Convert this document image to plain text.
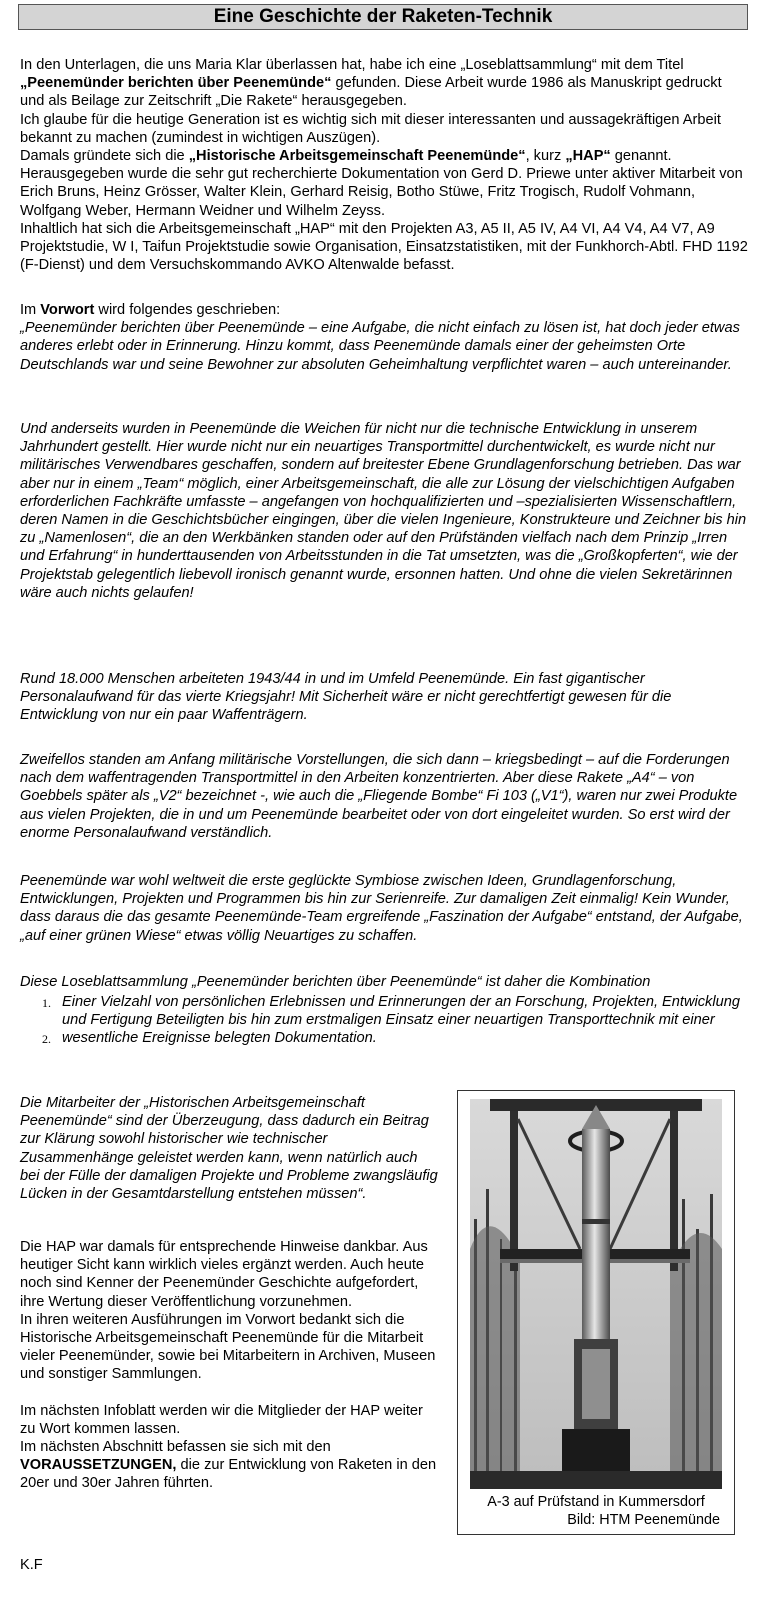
Eine Geschichte der Raketen-Technik

In den Unterlagen, die uns Maria Klar überlassen hat, habe ich eine „Loseblattsammlung“ mit dem Titel „Peenemünder berichten über Peenemünde“ gefunden. Diese Arbeit wurde 1986 als Manuskript gedruckt und als Beilage zur Zeitschrift „Die Rakete“ herausgegeben.

Ich glaube für die heutige Generation ist es wichtig sich mit dieser interessanten und aussagekräftigen Arbeit bekannt zu machen (zumindest in wichtigen Auszügen).

Damals gründete sich die „Historische Arbeitsgemeinschaft Peenemünde“, kurz „HAP“ genannt.

Herausgegeben wurde die sehr gut recherchierte Dokumentation von Gerd D. Priewe unter aktiver Mitarbeit von Erich Bruns, Heinz Grösser, Walter Klein, Gerhard Reisig, Botho Stüwe, Fritz Trogisch, Rudolf Vohmann, Wolfgang Weber, Hermann Weidner und Wilhelm Zeyss.

Inhaltlich hat sich die Arbeitsgemeinschaft „HAP“ mit den Projekten A3, A5 II, A5 IV, A4 VI, A4 V4, A4 V7, A9 Projektstudie, W I, Taifun Projektstudie sowie Organisation, Einsatzstatistiken, mit der Funkhorch-Abtl. FHD 1192 (F-Dienst) und dem Versuchskommando AVKO Altenwalde befasst.

Im Vorwort wird folgendes geschrieben:

„Peenemünder berichten über Peenemünde – eine Aufgabe, die nicht einfach zu lösen ist, hat doch jeder etwas anderes erlebt oder in Erinnerung. Hinzu kommt, dass Peenemünde damals einer der geheimsten Orte Deutschlands war und seine Bewohner zur absoluten Geheimhaltung verpflichtet waren – auch untereinander.

Und anderseits wurden in Peenemünde die Weichen für nicht nur die technische Entwicklung in unserem Jahrhundert gestellt. Hier wurde nicht nur ein neuartiges Transportmittel durchentwickelt, es wurde nicht nur militärisches Verwendbares geschaffen, sondern auf breitester Ebene Grundlagenforschung betrieben. Das war aber nur in einem „Team“ möglich, einer Arbeitsgemeinschaft, die alle zur Lösung der vielschichtigen Aufgaben erforderlichen Fachkräfte umfasste – angefangen von hochqualifizierten und –spezialisierten Wissenschaftlern, deren Namen in die Geschichtsbücher eingingen, über die vielen Ingenieure, Konstrukteure und Zeichner bis hin zu „Namenlosen“, die an den Werkbänken standen oder auf den Prüfständen vielfach nach dem Prinzip „Irren und Erfahrung“ in hunderttausenden von Arbeitsstunden in die Tat umsetzten, was die „Großkopferten“, wie der Projektstab gelegentlich liebevoll ironisch genannt wurde, ersonnen hatten. Und ohne die vielen Sekretärinnen wäre auch nichts gelaufen!

Rund 18.000 Menschen arbeiteten 1943/44 in und im Umfeld Peenemünde. Ein fast gigantischer Personalaufwand für das vierte Kriegsjahr! Mit Sicherheit wäre er nicht gerechtfertigt gewesen für die Entwicklung von nur ein paar Waffenträgern.

Zweifellos standen am Anfang militärische Vorstellungen, die sich dann – kriegsbedingt – auf die Forderungen nach dem waffentragenden Transportmittel in den Arbeiten konzentrierten. Aber diese Rakete „A4“ – von Goebbels später als „V2“ bezeichnet -, wie auch die „Fliegende Bombe“ Fi 103 („V1“), waren nur zwei Produkte aus vielen Projekten, die in und um Peenemünde bearbeitet oder von dort eingeleitet wurden. So erst wird der enorme Personalaufwand verständlich.

Peenemünde war wohl weltweit die erste geglückte Symbiose zwischen Ideen, Grundlagenforschung, Entwicklungen, Projekten und Programmen bis hin zur Serienreife. Zur damaligen Zeit einmalig! Kein Wunder, dass daraus die das gesamte Peenemünde-Team ergreifende „Faszination der Aufgabe“ entstand, der Aufgabe, „auf einer grünen Wiese“ etwas völlig Neuartiges zu schaffen.

Diese Loseblattsammlung „Peenemünder berichten über Peenemünde“ ist daher die Kombination

1. Einer Vielzahl von persönlichen Erlebnissen und Erinnerungen der an Forschung, Projekten, Entwicklung und Fertigung Beteiligten bis hin zum erstmaligen Einsatz einer neuartigen Transporttechnik mit einer
2. wesentliche Ereignisse belegten Dokumentation.

Die Mitarbeiter der „Historischen Arbeitsgemeinschaft Peenemünde“ sind der Überzeugung, dass dadurch ein Beitrag zur Klärung sowohl historischer wie technischer Zusammenhänge geleistet werden kann, wenn natürlich auch bei der Fülle der damaligen Projekte und Probleme zwangsläufig Lücken in der Gesamtdarstellung entstehen müssen“.

Die HAP war damals für entsprechende Hinweise dankbar. Aus heutiger Sicht kann wirklich vieles ergänzt werden. Auch heute noch sind Kenner der Peenemünder Geschichte aufgefordert, ihre Wertung dieser Veröffentlichung vorzunehmen.

In ihren weiteren Ausführungen im Vorwort bedankt sich die Historische Arbeitsgemeinschaft Peenemünde für die Mitarbeit vieler Peenemünder, sowie bei Mitarbeitern in Archiven, Museen und sonstiger Sammlungen.

Im nächsten Infoblatt werden wir die Mitglieder der HAP weiter zu Wort kommen lassen.

Im nächsten Abschnitt befassen sie sich mit den VORAUSSETZUNGEN, die zur Entwicklung von Raketen in den 20er und 30er Jahren führten.

A-3 auf Prüfstand in Kummersdorf
Bild: HTM Peenemünde
K.F
